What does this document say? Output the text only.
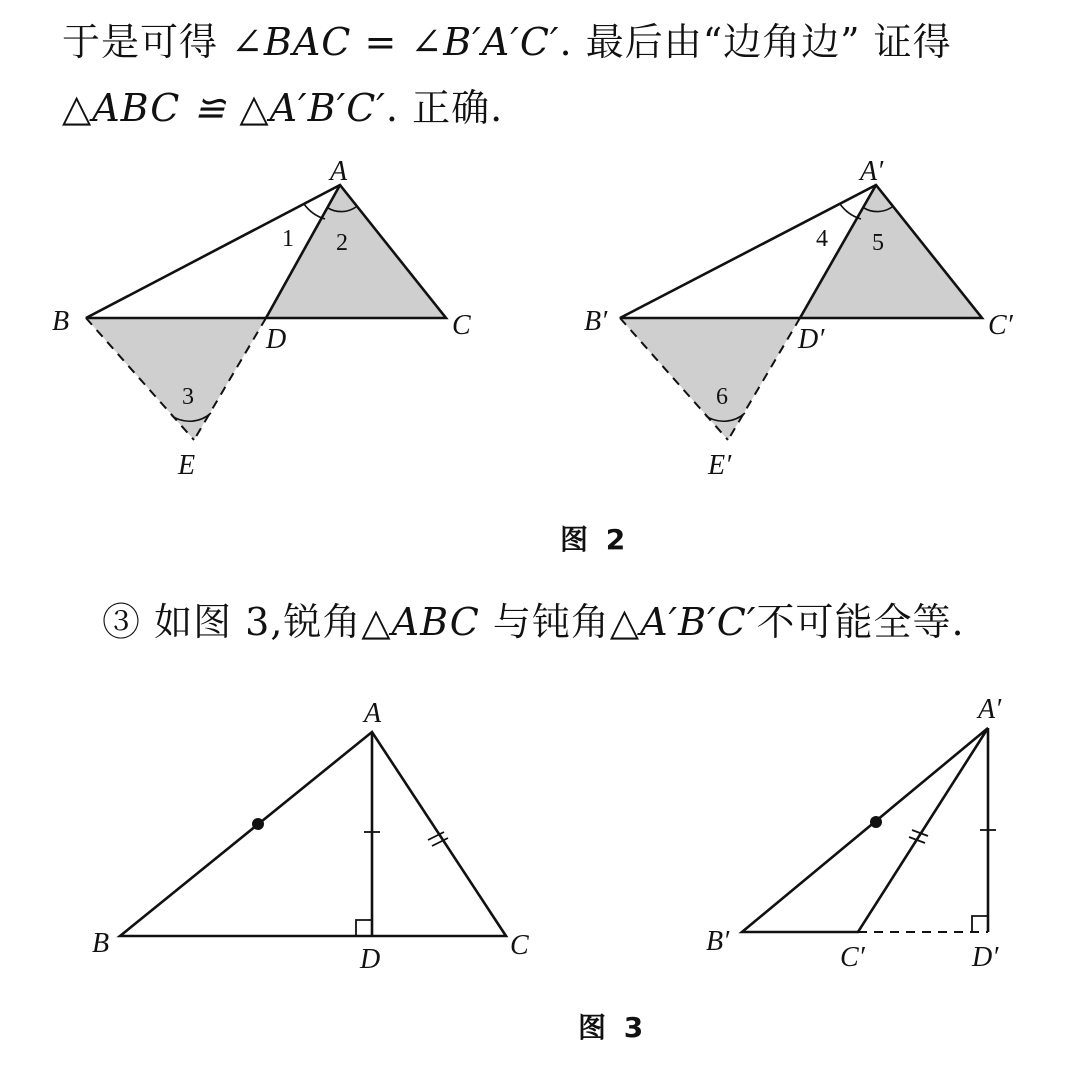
于是可得 ∠BAC = ∠B′A′C′. 最后由“边角边” 证得
△ABC ≌ △A′B′C′. 正确.
A
B	C
D
E
1 2
3
A′
B′	C′
D′
E′
4 5
6
A
B	C
D
A′
B′
C′	D′
图 2
③ 如图 3,锐角△ABC 与钝角△A′B′C′不可能全等.
图 3
